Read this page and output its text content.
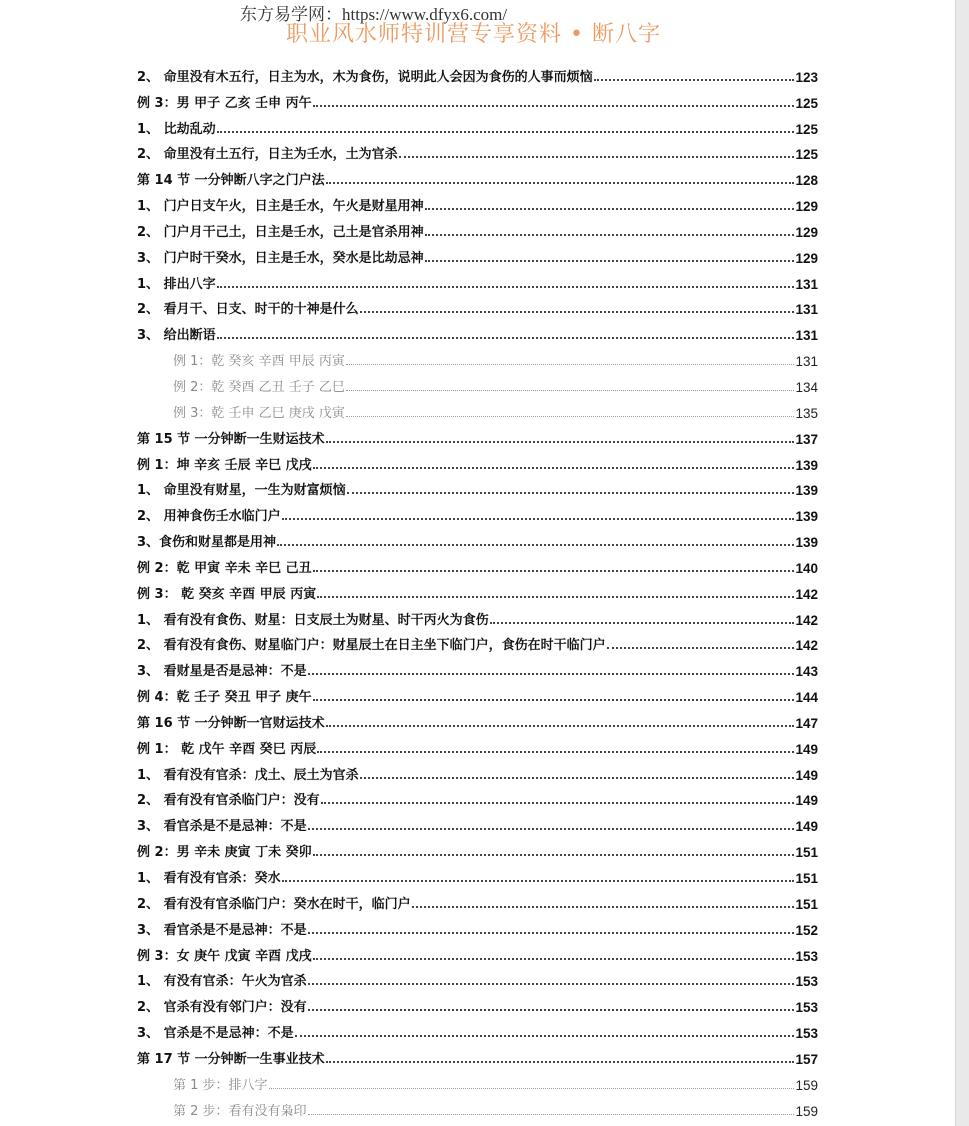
东方易学网：https://www.dfyx6.com/
职业风水师特训营专享资料 • 断八字
2、 命里没有木五行，日主为水，木为食伤，说明此人会因为食伤的人事而烦恼	123
例 3：男 甲子 乙亥 壬申 丙午	125
1、 比劫乱动	125
2、 命里没有土五行，日主为壬水，土为官杀	125
第 14 节 一分钟断八字之门户法	128
1、 门户日支午火，日主是壬水，午火是财星用神	129
2、 门户月干己土，日主是壬水，己土是官杀用神	129
3、 门户时干癸水，日主是壬水，癸水是比劫忌神	129
1、 排出八字	131
2、 看月干、日支、时干的十神是什么	131
3、 给出断语	131
例 1：乾 癸亥 辛酉 甲辰 丙寅	131
例 2：乾 癸酉 乙丑 壬子 乙巳	134
例 3：乾 壬申 乙巳 庚戌 戊寅	135
第 15 节 一分钟断一生财运技术	137
例 1：坤 辛亥 壬辰 辛巳 戊戌	139
1、 命里没有财星，一生为财富烦恼	139
2、 用神食伤壬水临门户	139
3、食伤和财星都是用神	139
例 2：乾 甲寅 辛未 辛巳 己丑	140
例 3： 乾 癸亥 辛酉 甲辰 丙寅	142
1、 看有没有食伤、财星：日支辰土为财星、时干丙火为食伤	142
2、 看有没有食伤、财星临门户：财星辰土在日主坐下临门户，食伤在时干临门户	142
3、 看财星是否是忌神：不是	143
例 4：乾 壬子 癸丑 甲子 庚午	144
第 16 节 一分钟断一官财运技术	147
例 1： 乾 戊午 辛酉 癸巳 丙辰	149
1、 看有没有官杀：戊土、辰土为官杀	149
2、 看有没有官杀临门户：没有	149
3、 看官杀是不是忌神：不是	149
例 2：男 辛未 庚寅 丁未 癸卯	151
1、 看有没有官杀：癸水	151
2、 看有没有官杀临门户：癸水在时干，临门户	151
3、 看官杀是不是忌神：不是	152
例 3：女 庚午 戊寅 辛酉 戊戌	153
1、 有没有官杀：午火为官杀	153
2、 官杀有没有邻门户：没有	153
3、 官杀是不是忌神：不是	153
第 17 节 一分钟断一生事业技术	157
第 1 步：排八字	159
第 2 步：看有没有枭印	159
